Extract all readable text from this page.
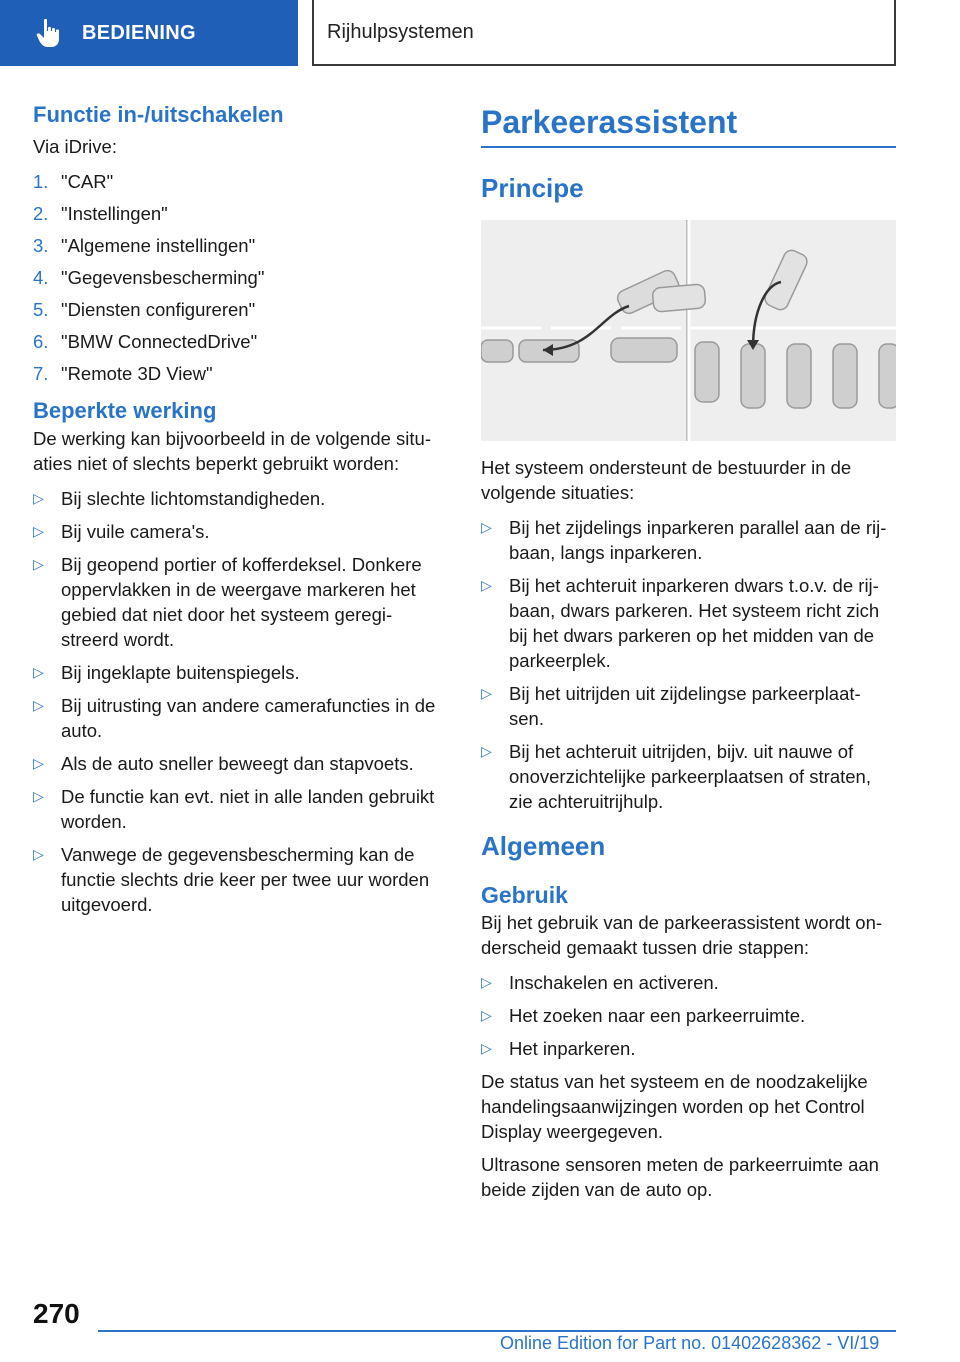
BEDIENING	Rijhulpsystemen
Functie in-/uitschakelen

Via iDrive:

1. "CAR"
2. "Instellingen"
3. "Algemene instellingen"
4. "Gegevensbescherming"
5. "Diensten configureren"
6. "BMW ConnectedDrive"
7. "Remote 3D View"
Beperkte werking

De werking kan bijvoorbeeld in de volgende situ‐ aties niet of slechts beperkt gebruikt worden:

▷ Bij slechte lichtomstandigheden.
▷ Bij vuile camera's.
▷ Bij geopend portier of kofferdeksel. Donkere oppervlakken in de weergave markeren het gebied dat niet door het systeem geregi‐ streerd wordt.
▷ Bij ingeklapte buitenspiegels.
▷ Bij uitrusting van andere camerafuncties in de auto.
▷ Als de auto sneller beweegt dan stapvoets.
▷ De functie kan evt. niet in alle landen gebruikt worden.
▷ Vanwege de gegevensbescherming kan de functie slechts drie keer per twee uur worden uitgevoerd.
Parkeerassistent
Principe

Het systeem ondersteunt de bestuurder in de volgende situaties:

▷ Bij het zijdelings inparkeren parallel aan de rij‐ baan, langs inparkeren.
▷ Bij het achteruit inparkeren dwars t.o.v. de rij‐ baan, dwars parkeren. Het systeem richt zich bij het dwars parkeren op het midden van de parkeerplek.
▷ Bij het uitrijden uit zijdelingse parkeerplaat‐ sen.
▷ Bij het achteruit uitrijden, bijv. uit nauwe of onoverzichtelijke parkeerplaatsen of straten, zie achteruitrijhulp.
Algemeen
Gebruik

Bij het gebruik van de parkeerassistent wordt on‐ derscheid gemaakt tussen drie stappen:

▷ Inschakelen en activeren.
▷ Het zoeken naar een parkeerruimte.
▷ Het inparkeren.

De status van het systeem en de noodzakelijke handelingsaanwijzingen worden op het Control Display weergegeven.

Ultrasone sensoren meten de parkeerruimte aan beide zijden van de auto op.

270
Online Edition for Part no. 01402628362 - VI/19
